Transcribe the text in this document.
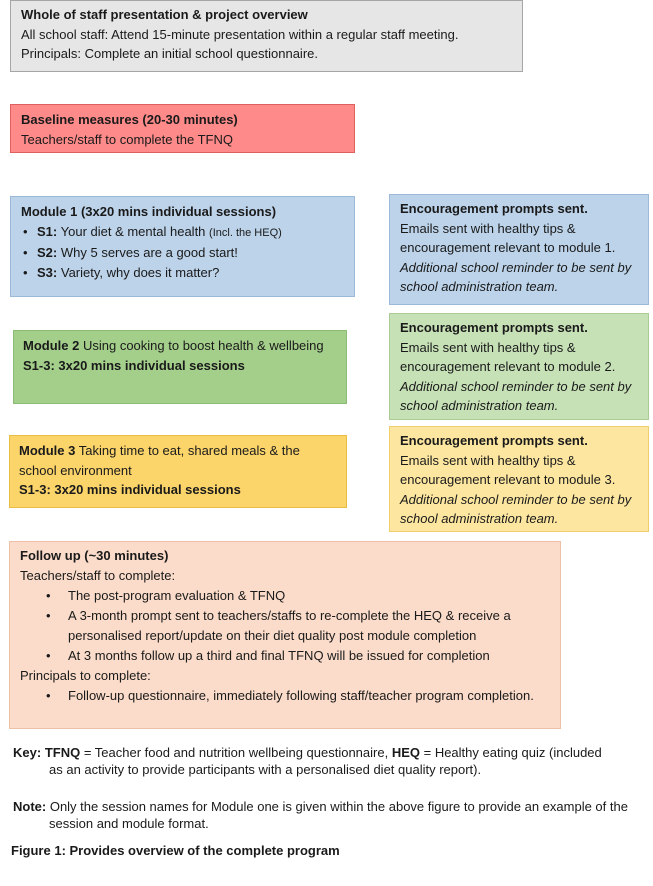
Whole of staff presentation & project overview
All school staff: Attend 15-minute presentation within a regular staff meeting.
Principals: Complete an initial school questionnaire.
Baseline measures (20-30 minutes)
Teachers/staff to complete the TFNQ
Module 1 (3x20 mins individual sessions)
• S1: Your diet & mental health (Incl. the HEQ)
• S2: Why 5 serves are a good start!
• S3: Variety, why does it matter?
Module 2 Using cooking to boost health & wellbeing
S1-3: 3x20 mins individual sessions
Module 3 Taking time to eat, shared meals & the school environment
S1-3: 3x20 mins individual sessions
Encouragement prompts sent.
Emails sent with healthy tips & encouragement relevant to module 1.
Additional school reminder to be sent by school administration team.
Encouragement prompts sent.
Emails sent with healthy tips & encouragement relevant to module 2.
Additional school reminder to be sent by school administration team.
Encouragement prompts sent.
Emails sent with healthy tips & encouragement relevant to module 3.
Additional school reminder to be sent by school administration team.
Follow up (~30 minutes)
Teachers/staff to complete:
• The post-program evaluation & TFNQ
• A 3-month prompt sent to teachers/staffs to re-complete the HEQ & receive a personalised report/update on their diet quality post module completion
• At 3 months follow up a third and final TFNQ will be issued for completion
Principals to complete:
• Follow-up questionnaire, immediately following staff/teacher program completion.
Key: TFNQ = Teacher food and nutrition wellbeing questionnaire, HEQ = Healthy eating quiz (included as an activity to provide participants with a personalised diet quality report).
Note: Only the session names for Module one is given within the above figure to provide an example of the session and module format.
Figure 1: Provides overview of the complete program
